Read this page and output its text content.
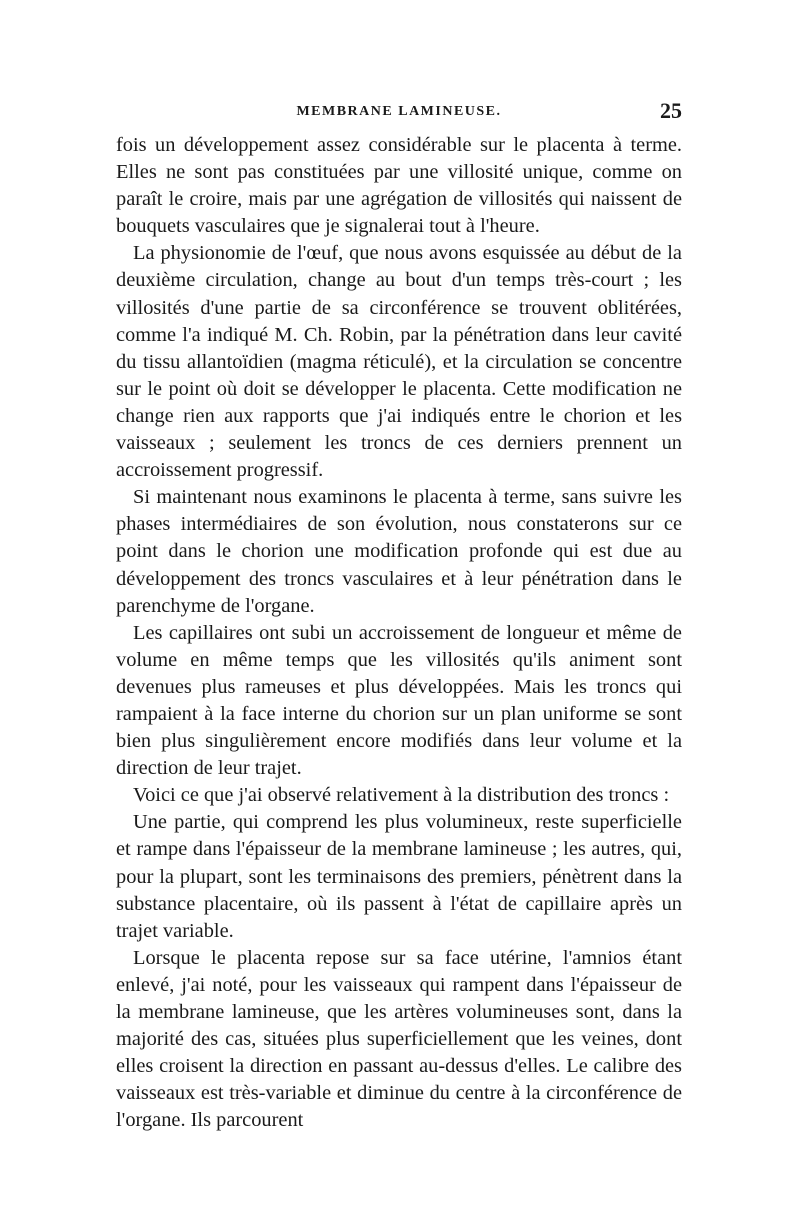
MEMBRANE LAMINEUSE.	25

fois un développement assez considérable sur le placenta à terme. Elles ne sont pas constituées par une villosité unique, comme on paraît le croire, mais par une agrégation de villosités qui naissent de bouquets vasculaires que je signalerai tout à l'heure.

La physionomie de l'œuf, que nous avons esquissée au début de la deuxième circulation, change au bout d'un temps très-court ; les villosités d'une partie de sa circonférence se trouvent oblitérées, comme l'a indiqué M. Ch. Robin, par la pénétration dans leur cavité du tissu allantoïdien (magma réticulé), et la circulation se concentre sur le point où doit se développer le placenta. Cette modification ne change rien aux rapports que j'ai indiqués entre le chorion et les vaisseaux ; seulement les troncs de ces derniers prennent un accroissement progressif.

Si maintenant nous examinons le placenta à terme, sans suivre les phases intermédiaires de son évolution, nous constaterons sur ce point dans le chorion une modification profonde qui est due au développement des troncs vasculaires et à leur pénétration dans le parenchyme de l'organe.

Les capillaires ont subi un accroissement de longueur et même de volume en même temps que les villosités qu'ils animent sont devenues plus rameuses et plus développées. Mais les troncs qui rampaient à la face interne du chorion sur un plan uniforme se sont bien plus singulièrement encore modifiés dans leur volume et la direction de leur trajet.

Voici ce que j'ai observé relativement à la distribution des troncs :

Une partie, qui comprend les plus volumineux, reste superficielle et rampe dans l'épaisseur de la membrane lamineuse ; les autres, qui, pour la plupart, sont les terminaisons des premiers, pénètrent dans la substance placentaire, où ils passent à l'état de capillaire après un trajet variable.

Lorsque le placenta repose sur sa face utérine, l'amnios étant enlevé, j'ai noté, pour les vaisseaux qui rampent dans l'épaisseur de la membrane lamineuse, que les artères volumineuses sont, dans la majorité des cas, situées plus superficiellement que les veines, dont elles croisent la direction en passant au-dessus d'elles. Le calibre des vaisseaux est très-variable et diminue du centre à la circonférence de l'organe. Ils parcourent
